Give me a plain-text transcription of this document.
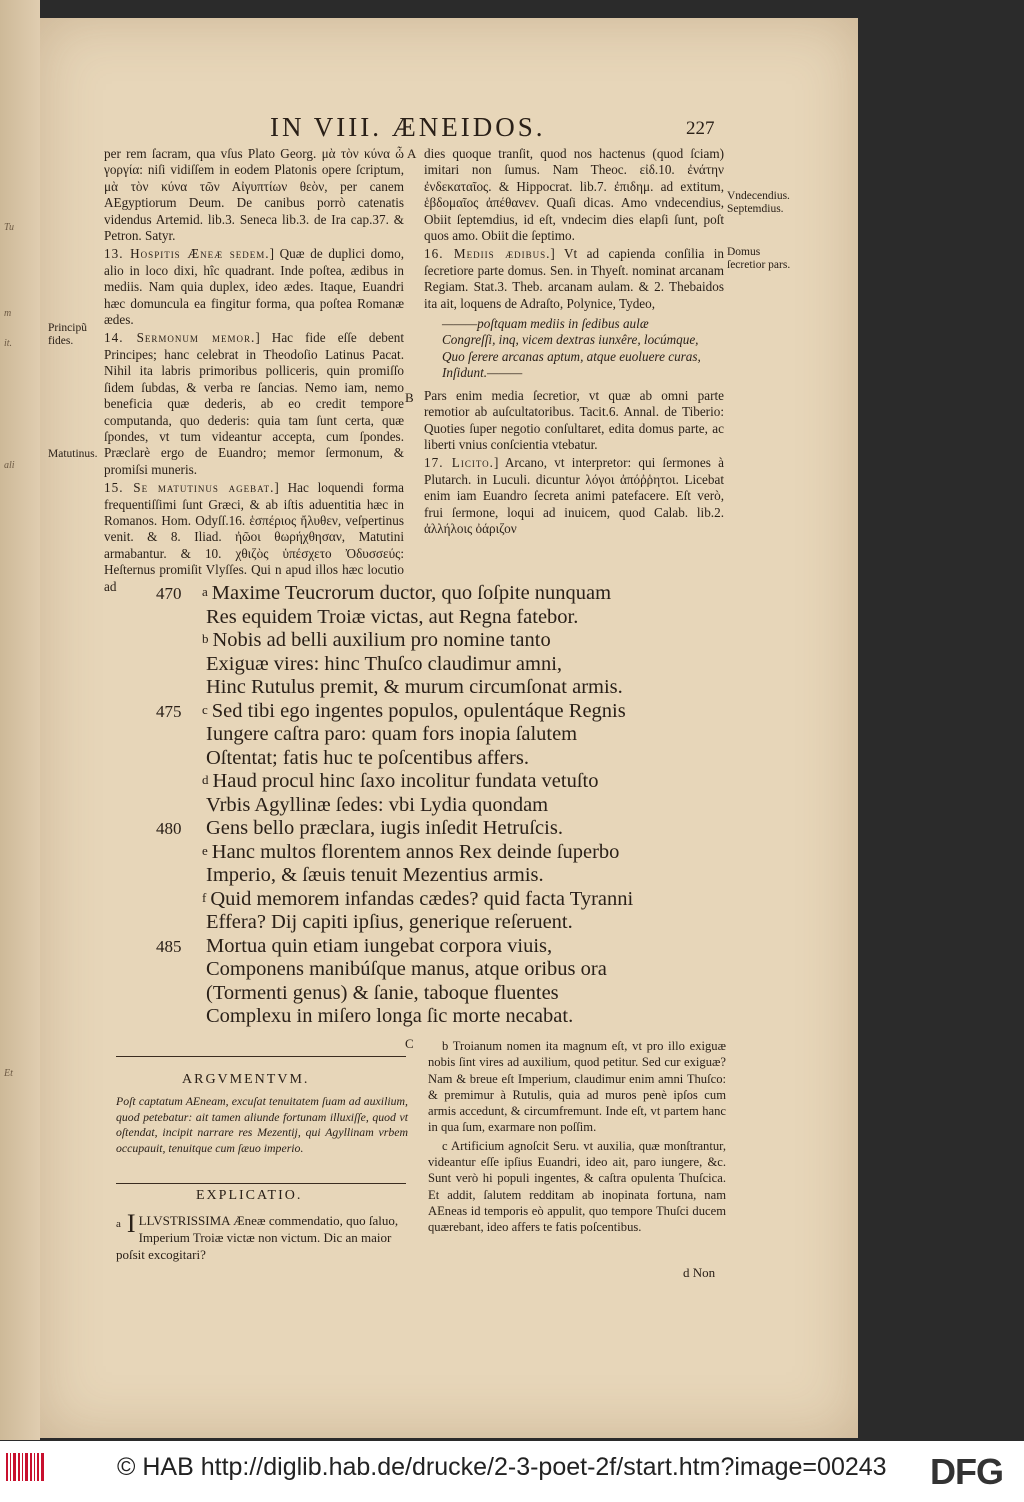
Tu
m
it.
ali
Et
IN VIII. ÆNEIDOS.	227

per rem ſacram, qua vſus Plato Georg. μὰ τὸν κύνα ὦ γοργία: niſi vidiſſem in eodem Platonis opere ſcriptum, μὰ τὸν κύνα τῶν Αἰγυπτίων θεὸν, per canem AEgyptiorum Deum. De canibus porrò catenatis videndus Artemid. lib.3. Seneca lib.3. de Ira cap.37. & Petron. Satyr.

13. Hospitis Æneæ sedem.] Quæ de duplici domo, alio in loco dixi, hîc quadrant. Inde poſtea, ædibus in mediis. Nam quia duplex, ideo ædes. Itaque, Euandri hæc domuncula ea fingitur forma, qua poſtea Romanæ ædes.

14. Sermonum memor.] Hac fide eſſe debent Principes; hanc celebrat in Theodoſio Latinus Pacat. Nihil ita labris primoribus polliceris, quin promiſſo ſidem ſubdas, & verba re ſancias. Nemo iam, nemo beneficia quæ dederis, ab eo credit tempore computanda, quo dederis: quia tam ſunt certa, quæ ſpondes, vt tum videantur accepta, cum ſpondes. Præclarè ergo de Euandro; memor ſermonum, & promiſsi muneris.

15. Se matutinus agebat.] Hac loquendi forma frequentiſſimi ſunt Græci, & ab iſtis aduentitia hæc in Romanos. Hom. Odyſſ.16. ἑσπέριος ἤλυθεν, veſpertinus venit. & 8. Iliad. ἠῶοι θωρήχθησαν, Matutini armabantur. & 10. χθιζὸς ὑπέσχετο Ὀδυσσεύς: Heſternus promiſit Vlyſſes. Qui n apud illos hæc locutio ad

dies quoque tranſit, quod nos hactenus (quod ſciam) imitari non ſumus. Nam Theoc. εἰδ.10. ἐνάτην ἐνδεκαταῖος. & Hippocrat. lib.7. ἐπιδημ. ad extitum, ἑβδομαῖος ἀπέθανεν. Quaſi dicas. Amo vndecendius, Obiit ſeptemdius, id eſt, vndecim dies elapſi ſunt, poſt quos amo. Obiit die ſeptimo.

16. Mediis ædibus.] Vt ad capienda conſilia in ſecretiore parte domus. Sen. in Thyeſt. nominat arcanam Regiam. Stat.3. Theb. arcanam aulam. & 2. Thebaidos ita ait, loquens de Adraſto, Polynice, Tydeo,

———poſtquam mediis in ſedibus aulæ
Congreſſi, inq, vicem dextras iunxêre, locúmque,
Quo ſerere arcanas aptum, atque euoluere curas,
Inſidunt.———

Pars enim media ſecretior, vt quæ ab omni parte remotior ab auſcultatoribus. Tacit.6. Annal. de Tiberio: Quoties ſuper negotio conſultaret, edita domus parte, ac liberti vnius conſcientia vtebatur.

17. Licito.] Arcano, vt interpretor: qui ſermones à Plutarch. in Luculi. dicuntur λόγοι ἀπόῤῥητοι. Licebat enim iam Euandro ſecreta animi patefacere. Eſt verò, frui ſermone, loqui ad inuicem, quod Calab. lib.2. ἀλλήλοις ὀάριζον

Principũ fides.
Matutinus.
Vndecendius. Septemdius.
Domus ſecretior pars.
A
B
C
470 a Maxime Teucrorum ductor, quo ſoſpite nunquam
Res equidem Troiæ victas, aut Regna fatebor.
b Nobis ad belli auxilium pro nomine tanto
Exiguæ vires: hinc Thuſco claudimur amni,
Hinc Rutulus premit, & murum circumſonat armis.
475 c Sed tibi ego ingentes populos, opulentáque Regnis
Iungere caſtra paro: quam fors inopia ſalutem
Oſtentat; fatis huc te poſcentibus affers.
d Haud procul hinc ſaxo incolitur fundata vetuſto
Vrbis Agyllinæ ſedes: vbi Lydia quondam
480 Gens bello præclara, iugis inſedit Hetruſcis.
e Hanc multos florentem annos Rex deinde ſuperbo
Imperio, & ſæuis tenuit Mezentius armis.
f Quid memorem infandas cædes? quid facta Tyranni
Effera? Dij capiti ipſius, generique reſeruent.
485 Mortua quin etiam iungebat corpora viuis,
Componens manibúſque manus, atque oribus ora
(Tormenti genus) & ſanie, taboque fluentes
Complexu in miſero longa ſic morte necabat.
ARGVMENTVM.
Poſt captatum AEneam, excuſat tenuitatem ſuam ad auxilium, quod petebatur: ait tamen aliunde fortunam illuxiſſe, quod vt oſtendat, incipit narrare res Mezentij, qui Agyllinam vrbem occupauit, tenuitque cum ſæuo imperio.
EXPLICATIO.
a I LLVSTRISSIMA Æneæ commendatio, quo ſaluo, Imperium Troiæ victæ non victum. Dic an maior poſsit excogitari?

b Troianum nomen ita magnum eſt, vt pro illo exiguæ nobis ſint vires ad auxilium, quod petitur. Sed cur exiguæ? Nam & breue eſt Imperium, claudimur enim amni Thuſco: & premimur à Rutulis, quia ad muros penè ipſos cum armis accedunt, & circumfremunt. Inde eſt, vt partem hanc in qua ſum, exarmare non poſſim.

c Artificium agnoſcit Seru. vt auxilia, quæ monſtrantur, videantur eſſe ipſius Euandri, ideo ait, paro iungere, &c. Sunt verò hi populi ingentes, & caſtra opulenta Thuſcica. Et addit, ſalutem redditam ab inopinata fortuna, nam AEneas id temporis eò appulit, quo tempore Thuſci ducem quærebant, ideo affers te fatis poſcentibus.

d Non
© HAB http://diglib.hab.de/drucke/2-3-poet-2f/start.htm?image=00243 DFG
